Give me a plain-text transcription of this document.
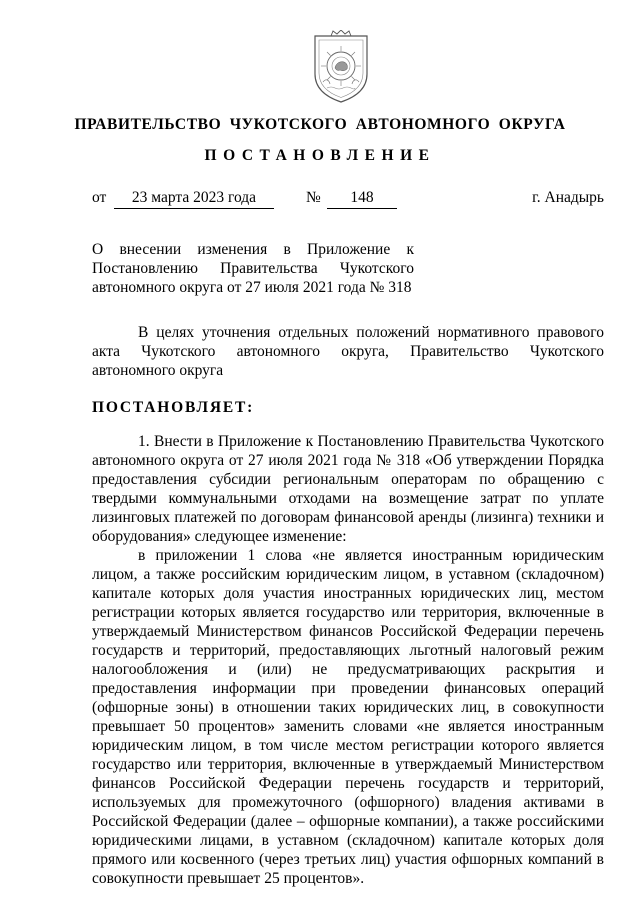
ПРАВИТЕЛЬСТВО ЧУКОТСКОГО АВТОНОМНОГО ОКРУГА
ПОСТАНОВЛЕНИЕ
от	23 марта 2023 года	№	148	г. Анадырь
О внесении изменения в Приложение к Постановлению Правительства Чукотского автономного округа от 27 июля 2021 года № 318
В целях уточнения отдельных положений нормативного правового акта Чукотского автономного округа, Правительство Чукотского автономного округа
ПОСТАНОВЛЯЕТ:

1. Внести в Приложение к Постановлению Правительства Чукотского автономного округа от 27 июля 2021 года № 318 «Об утверждении Порядка предоставления субсидии региональным операторам по обращению с твердыми коммунальными отходами на возмещение затрат по уплате лизинговых платежей по договорам финансовой аренды (лизинга) техники и оборудования» следующее изменение:

в приложении 1 слова «не является иностранным юридическим лицом, а также российским юридическим лицом, в уставном (складочном) капитале которых доля участия иностранных юридических лиц, местом регистрации которых является государство или территория, включенные в утверждаемый Министерством финансов Российской Федерации перечень государств и территорий, предоставляющих льготный налоговый режим налогообложения и (или) не предусматривающих раскрытия и предоставления информации при проведении финансовых операций (офшорные зоны) в отношении таких юридических лиц, в совокупности превышает 50 процентов» заменить словами «не является иностранным юридическим лицом, в том числе местом регистрации которого является государство или территория, включенные в утверждаемый Министерством финансов Российской Федерации перечень государств и территорий, используемых для промежуточного (офшорного) владения активами в Российской Федерации (далее – офшорные компании), а также российскими юридическими лицами, в уставном (складочном) капитале которых доля прямого или косвенного (через третьих лиц) участия офшорных компаний в совокупности превышает 25 процентов».
